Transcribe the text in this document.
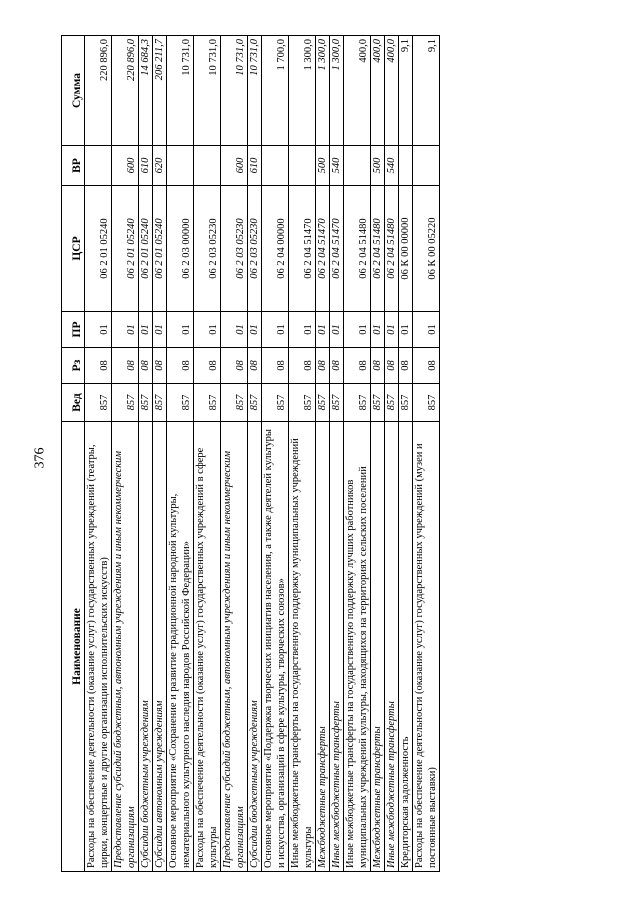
376
Наименование	Вед	Рз	ПР	ЦСР	ВР	Сумма
Расходы на обеспечение деятельности (оказание услуг) государственных учреждений (театры, цирки, концертные и другие организации исполнительских искусств)	857	08	01	06 2 01 05240		220 896,0
Предоставление субсидий бюджетным, автономным учреждениям и иным некоммерческим организациям	857	08	01	06 2 01 05240	600	220 896,0
Субсидии бюджетным учреждениям	857	08	01	06 2 01 05240	610	14 684,3
Субсидии автономным учреждениям	857	08	01	06 2 01 05240	620	206 211,7
Основное мероприятие «Сохранение и развитие традиционной народной культуры, нематериального культурного наследия народов Российской Федерации»	857	08	01	06 2 03 00000		10 731,0
Расходы на обеспечение деятельности (оказание услуг) государственных учреждений в сфере культуры	857	08	01	06 2 03 05230		10 731,0
Предоставление субсидий бюджетным, автономным учреждениям и иным некоммерческим организациям	857	08	01	06 2 03 05230	600	10 731,0
Субсидии бюджетным учреждениям	857	08	01	06 2 03 05230	610	10 731,0
Основное мероприятие «Поддержка творческих инициатив населения, а также деятелей культуры и искусства, организаций в сфере культуры, творческих союзов»	857	08	01	06 2 04 00000		1 700,0
Иные межбюджетные трансферты на государственную поддержку муниципальных учреждений культуры	857	08	01	06 2 04 51470		1 300,0
Межбюджетные трансферты	857	08	01	06 2 04 51470	500	1 300,0
Иные межбюджетные трансферты	857	08	01	06 2 04 51470	540	1 300,0
Иные межбюджетные трансферты на государственную поддержку лучших работников муниципальных учреждений культуры, находящихся на территориях сельских поселений	857	08	01	06 2 04 51480		400,0
Межбюджетные трансферты	857	08	01	06 2 04 51480	500	400,0
Иные межбюджетные трансферты	857	08	01	06 2 04 51480	540	400,0
Кредиторская задолженность	857	08	01	06 К 00 00000		9,1
Расходы на обеспечение деятельности (оказание услуг) государственных учреждений (музеи и постоянные выставки)	857	08	01	06 К 00 05220		9,1
